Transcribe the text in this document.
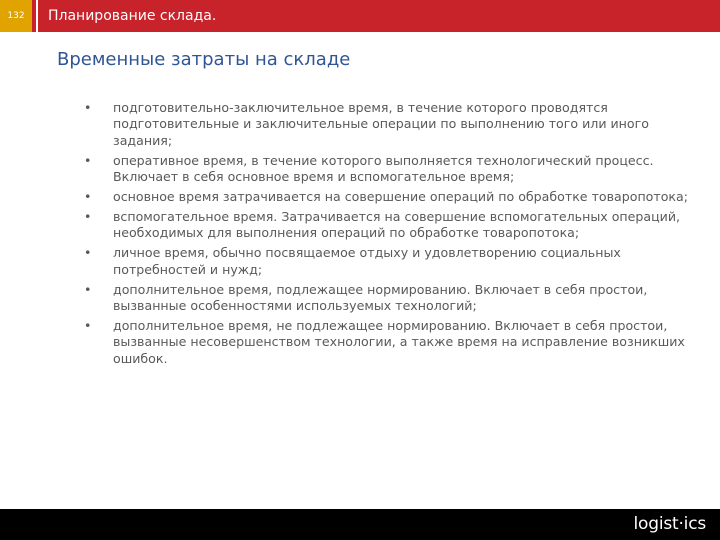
132	Планирование склада.
Временные затраты на складе
• подготовительно-заключительное время, в течение которого проводятся подготовительные и заключительные операции по выполнению того или иного задания;
• оперативное время, в течение которого выполняется технологический процесс. Включает в себя основное время и вспомогательное время;
• основное время затрачивается на совершение операций по обработке товаропотока;
• вспомогательное время. Затрачивается на совершение вспомогательных операций, необходимых для выполнения операций по обработке товаропотока;
• личное время, обычно посвящаемое отдыху и удовлетворению социальных потребностей и нужд;
• дополнительное время, подлежащее нормированию. Включает в себя простои, вызванные особенностями используемых технологий;
• дополнительное время, не подлежащее нормированию. Включает в себя простои, вызванные несовершенством технологии, а также время на исправление возникших ошибок.
logist·ics
